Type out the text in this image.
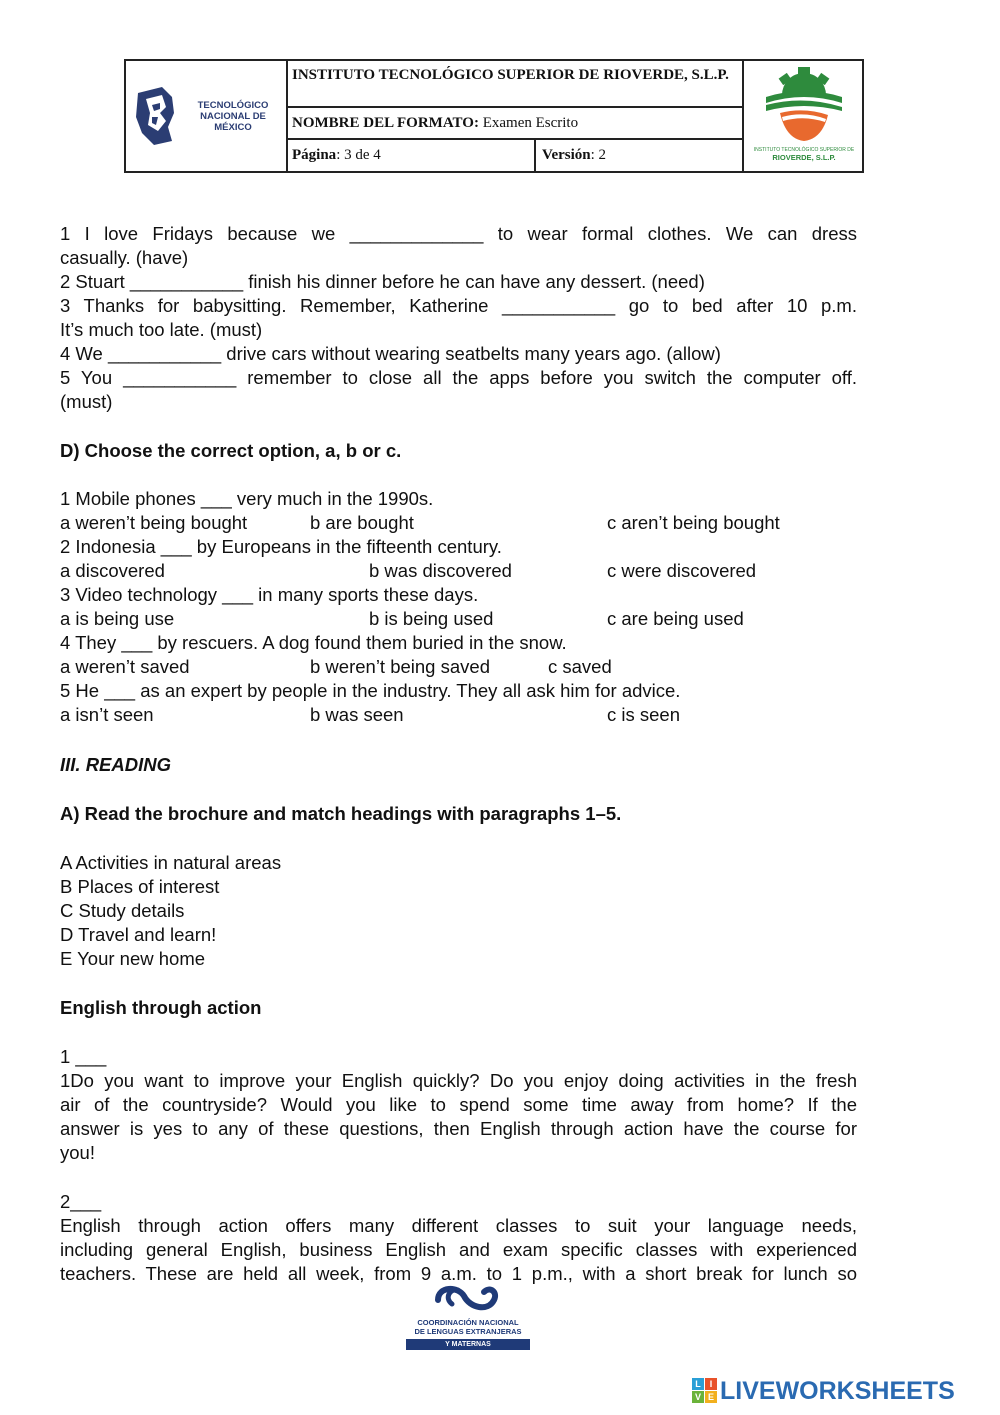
TECNOLÓGICO
NACIONAL DE MÉXICO
INSTITUTO TECNOLÓGICO SUPERIOR DE RIOVERDE, S.L.P.
NOMBRE DEL FORMATO: Examen Escrito
Página: 3 de 4	Versión: 2	INSTITUTO TECNOLÓGICO SUPERIOR DE
RIOVERDE, S.L.P.
1 I love Fridays because we _____________ to wear formal clothes. We can dress
casually. (have)
2 Stuart ___________ finish his dinner before he can have any dessert. (need)
3 Thanks for babysitting. Remember, Katherine ___________ go to bed after 10 p.m.
It’s much too late. (must)
4 We ___________ drive cars without wearing seatbelts many years ago. (allow)
5 You ___________ remember to close all the apps before you switch the computer off.
(must)
D) Choose the correct option, a, b or c.
1 Mobile phones ___ very much in the 1990s.
a weren’t being bought	b are bought	c aren’t being bought
2 Indonesia ___ by Europeans in the fifteenth century.
a discovered	b was discovered	c were discovered
3 Video technology ___ in many sports these days.
a is being use	b is being used	c are being used
4 They ___ by rescuers. A dog found them buried in the snow.
a weren’t saved	b weren’t being saved	c saved
5 He ___ as an expert by people in the industry. They all ask him for advice.
a isn’t seen	b was seen	c is seen
III. READING
A) Read the brochure and match headings with paragraphs 1–5.
A Activities in natural areas
B Places of interest
C Study details
D Travel and learn!
E Your new home
English through action
1 ___
1Do you want to improve your English quickly? Do you enjoy doing activities in the fresh
air of the countryside? Would you like to spend some time away from home? If the
answer is yes to any of these questions, then English through action have the course for
you!
2___
English through action offers many different classes to suit your language needs,
including general English, business English and exam specific classes with experienced
teachers. These are held all week, from 9 a.m. to 1 p.m., with a short break for lunch so
COORDINACIÓN NACIONAL
DE LENGUAS EXTRANJERAS
Y MATERNAS
L I
V E LIVEWORKSHEETS
